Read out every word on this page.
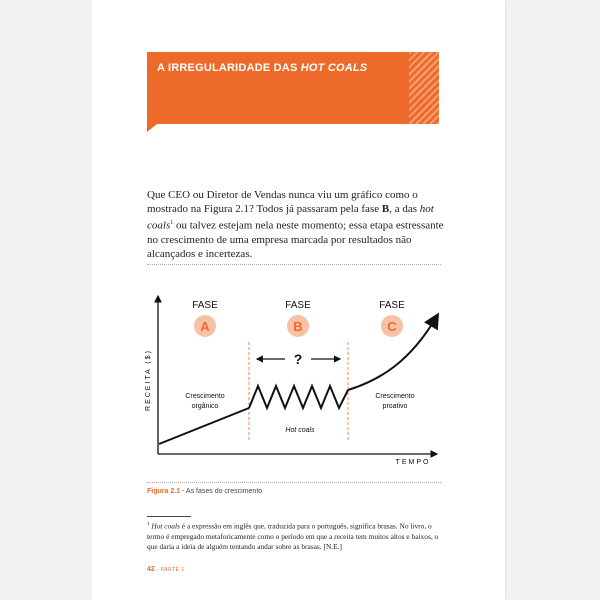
A IRREGULARIDADE DAS HOT COALS

Que CEO ou Diretor de Vendas nunca viu um gráfico como o mostrado na Figura 2.1? Todos já passaram pela fase B, a das hot coals$^1$ ou talvez estejam nela neste momento; essa etapa estressante no crescimento de uma empresa marcada por resultados não alcançados e incertezas.

RECEITA ($)
TEMPO
FASE	FASE	FASE
A	B	C
?
Crescimento
orgânico
Hot coals
Crescimento
proativo
Figura 2.1 - As fases do crescimento

$^1$ Hot coals é a expressão em inglês que, traduzida para o português, significa brasas. No livro, o termo é empregado metaforicamente como o período em que a receita tem muitos altos e baixos, o que daria a ideia de alguém tentando andar sobre as brasas. [N.E.]

42 - PARTE 1
